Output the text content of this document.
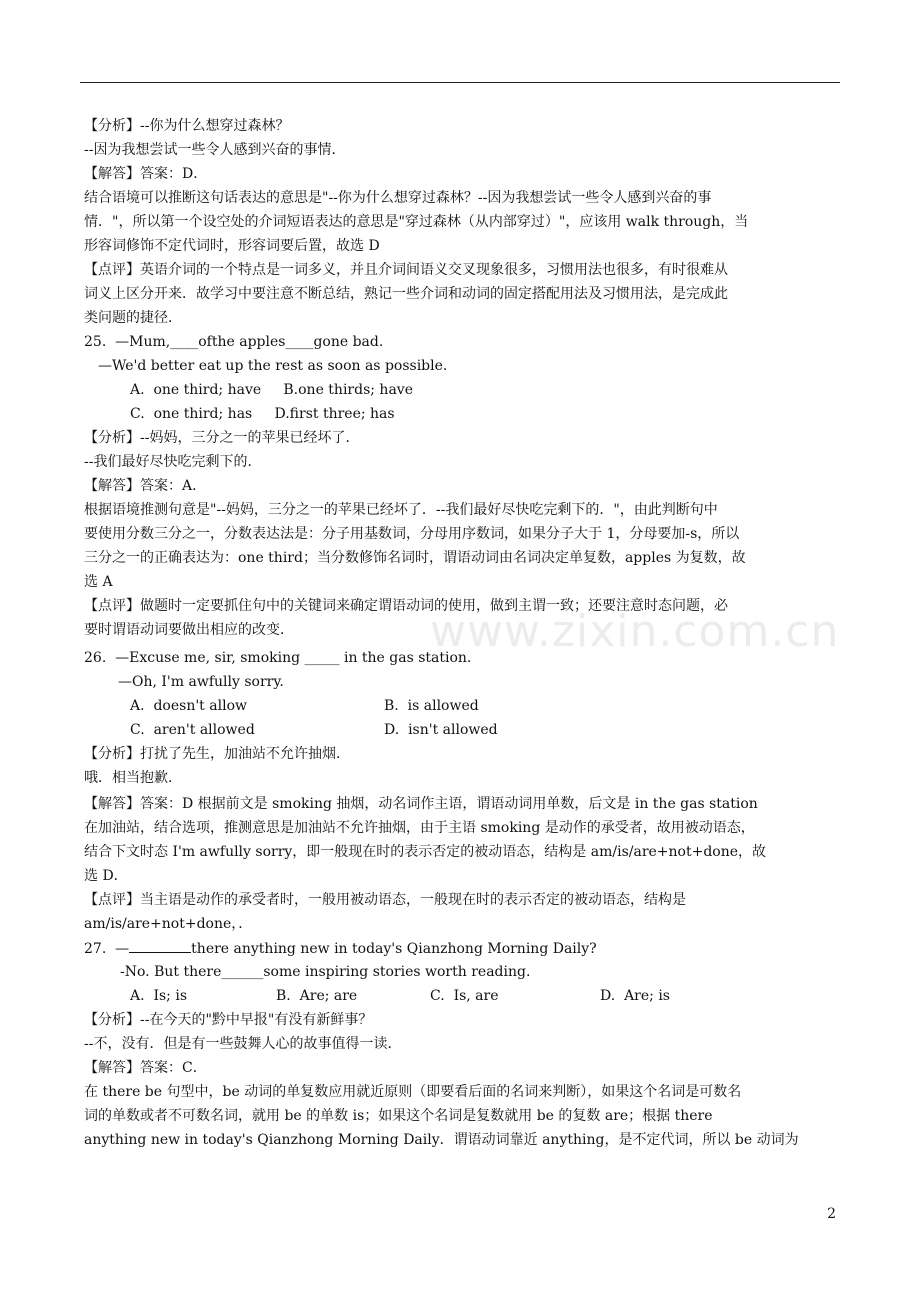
【分析】--你为什么想穿过森林？
--因为我想尝试一些令人感到兴奋的事情．
【解答】答案：D．
结合语境可以推断这句话表达的意思是"--你为什么想穿过森林？--因为我想尝试一些令人感到兴奋的事
情．"，所以第一个设空处的介词短语表达的意思是"穿过森林（从内部穿过）"，应该用 walk through，当
形容词修饰不定代词时，形容词要后置，故选 D
【点评】英语介词的一个特点是一词多义，并且介词间语义交叉现象很多，习惯用法也很多，有时很难从
词义上区分开来．故学习中要注意不断总结，熟记一些介词和动词的固定搭配用法及习惯用法，是完成此
类问题的捷径．
25.  —Mum,____ofthe apples____gone bad.
—We'd better eat up the rest as soon as possible.
A.  one third; have     B.one thirds; have
C.  one third; has     D.first three; has
【分析】--妈妈，三分之一的苹果已经坏了．
--我们最好尽快吃完剩下的．
【解答】答案：A．
根据语境推测句意是"--妈妈，三分之一的苹果已经坏了．--我们最好尽快吃完剩下的．"，由此判断句中
要使用分数三分之一，分数表达法是：分子用基数词，分母用序数词，如果分子大于 1，分母要加-s，所以
三分之一的正确表达为：one third；当分数修饰名词时，谓语动词由名词决定单复数，apples 为复数，故
选 A
【点评】做题时一定要抓住句中的关键词来确定谓语动词的使用，做到主谓一致；还要注意时态问题，必
要时谓语动词要做出相应的改变．	www.zixin.com.cn
26.  —Excuse me, sir, smoking _____ in the gas station.
—Oh, I'm awfully sorry.
A.  doesn't allow	B.  is allowed
C.  aren't allowed	D.  isn't allowed
【分析】打扰了先生，加油站不允许抽烟．
哦．相当抱歉．
【解答】答案：D 根据前文是 smoking 抽烟，动名词作主语，谓语动词用单数，后文是 in the gas station
在加油站，结合选项，推测意思是加油站不允许抽烟，由于主语 smoking 是动作的承受者，故用被动语态，
结合下文时态 I'm awfully sorry，即一般现在时的表示否定的被动语态，结构是 am/is/are+not+done，故
选 D．
【点评】当主语是动作的承受者时，一般用被动语态，一般现在时的表示否定的被动语态，结构是
am/is/are+not+done，．
27.  —	there anything new in today's Qianzhong Morning Daily?
-No. But there______some inspiring stories worth reading.
A.  Is; is	B.  Are; are	C.  Is, are	D.  Are; is
【分析】--在今天的"黔中早报"有没有新鲜事？
--不，没有．但是有一些鼓舞人心的故事值得一读．
【解答】答案：C．
在 there be 句型中，be 动词的单复数应用就近原则（即要看后面的名词来判断），如果这个名词是可数名
词的单数或者不可数名词，就用 be 的单数 is；如果这个名词是复数就用 be 的复数 are；根据 there
anything new in today's Qianzhong Morning Daily．谓语动词靠近 anything，是不定代词，所以 be 动词为
2
